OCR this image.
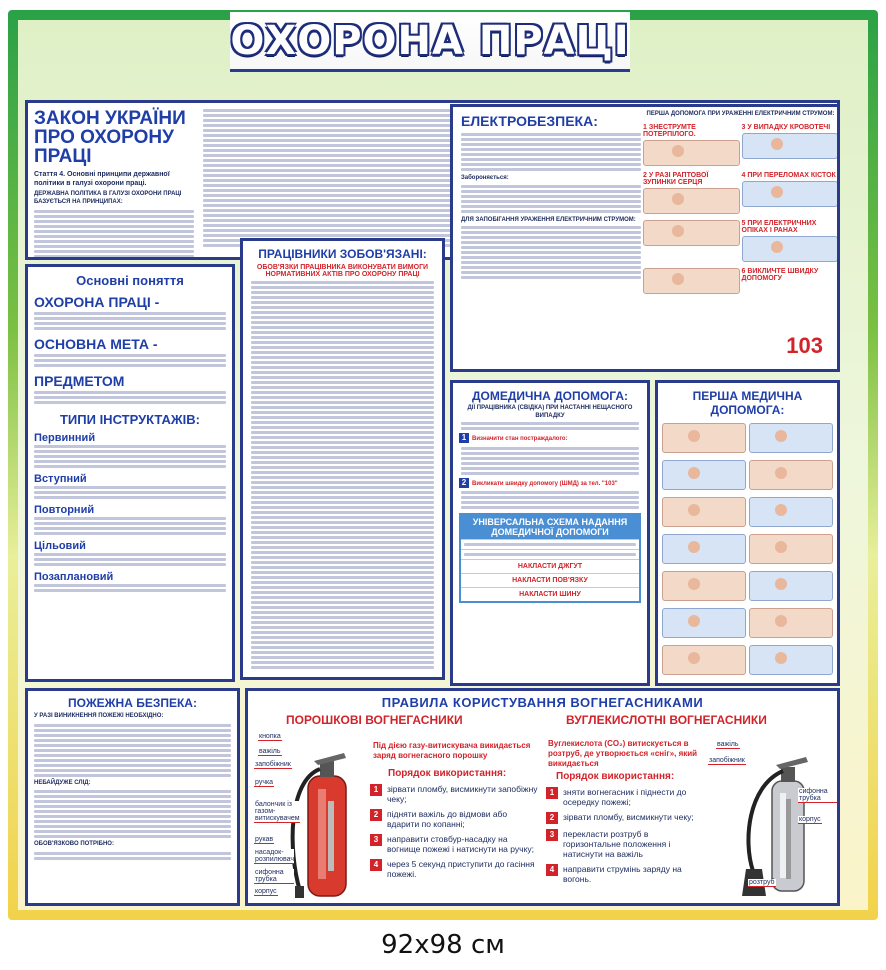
ОХОРОНА ПРАЦІ
ЗАКОН УКРАЇНИ ПРО ОХОРОНУ ПРАЦІ
Стаття 4. Основні принципи державної політики в галузі охорони праці.
ДЕРЖАВНА ПОЛІТИКА В ГАЛУЗІ ОХОРОНИ ПРАЦІ БАЗУЄТЬСЯ НА ПРИНЦИПАХ:
ЕЛЕКТРОБЕЗПЕКА:
Забороняється:
ДЛЯ ЗАПОБІГАННЯ УРАЖЕННЯ ЕЛЕКТРИЧНИМ СТРУМОМ:
ПЕРША ДОПОМОГА ПРИ УРАЖЕННІ ЕЛЕКТРИЧНИМ СТРУМОМ:
1 ЗНЕСТРУМТЕ ПОТЕРПІЛОГО.
3 У ВИПАДКУ КРОВОТЕЧІ
2 У РАЗІ РАПТОВОЇ ЗУПИНКИ СЕРЦЯ
4 ПРИ ПЕРЕЛОМАХ КІСТОК
5 ПРИ ЕЛЕКТРИЧНИХ ОПІКАХ І РАНАХ
6 ВИКЛИЧТЕ ШВИДКУ ДОПОМОГУ
103
Основні поняття
ОХОРОНА ПРАЦІ -
ОСНОВНА МЕТА -
ПРЕДМЕТОМ
ТИПИ ІНСТРУКТАЖІВ:
Первинний
Вступний
Повторний
Цільовий
Позаплановий
ПРАЦІВНИКИ ЗОБОВ'ЯЗАНІ:
ОБОВ'ЯЗКИ ПРАЦІВНИКА ВИКОНУВАТИ ВИМОГИ НОРМАТИВНИХ АКТІВ ПРО ОХОРОНУ ПРАЦІ
ДОМЕДИЧНА ДОПОМОГА:
ДІЇ ПРАЦІВНИКА (СВІДКА) ПРИ НАСТАННІ НЕЩАСНОГО ВИПАДКУ
1 Визначити стан постраждалого:
2 Викликати швидку допомогу (ШМД) за тел. "103"
УНІВЕРСАЛЬНА СХЕМА НАДАННЯ ДОМЕДИЧНОЇ ДОПОМОГИ
НАКЛАСТИ ДЖГУТ
НАКЛАСТИ ПОВ'ЯЗКУ
НАКЛАСТИ ШИНУ
ПЕРША МЕДИЧНА ДОПОМОГА:
ПОЖЕЖНА БЕЗПЕКА:
У РАЗІ ВИНИКНЕННЯ ПОЖЕЖІ НЕОБХІДНО:
НЕБАЙДУЖЕ СЛІД:
ОБОВ'ЯЗКОВО ПОТРІБНО:
ПРАВИЛА КОРИСТУВАННЯ ВОГНЕГАСНИКАМИ
ПОРОШКОВІ ВОГНЕГАСНИКИ
Під дією газу-витискувача викидається заряд вогнегасного порошку
Порядок використання:
1	зірвати пломбу, висмикнути запобіжну чеку;
2	підняти важіль до відмови або вдарити по копанні;
3	направити стовбур-насадку на вогнище пожежі і натиснути на ручку;
4	через 5 секунд приступити до гасіння пожежі.
кнопка
важіль
запобіжник
ручка
балончик із газом-витискувачем
рукав
насадок-розпилювач
сифонна трубка
корпус
ВУГЛЕКИСЛОТНІ ВОГНЕГАСНИКИ
Вуглекислота (CO₂) витискується в розтруб, де утворюється «сніг», який викидається
Порядок використання:
1	зняти вогнегасник і піднести до осередку пожежі;
2	зірвати пломбу, висмикнути чеку;
3	перекласти розтруб в горизонтальне положення і натиснути на важіль
4	направити струмінь заряду на вогонь.
важіль
запобіжник
сифонна трубка
корпус
розтруб
92x98 см
